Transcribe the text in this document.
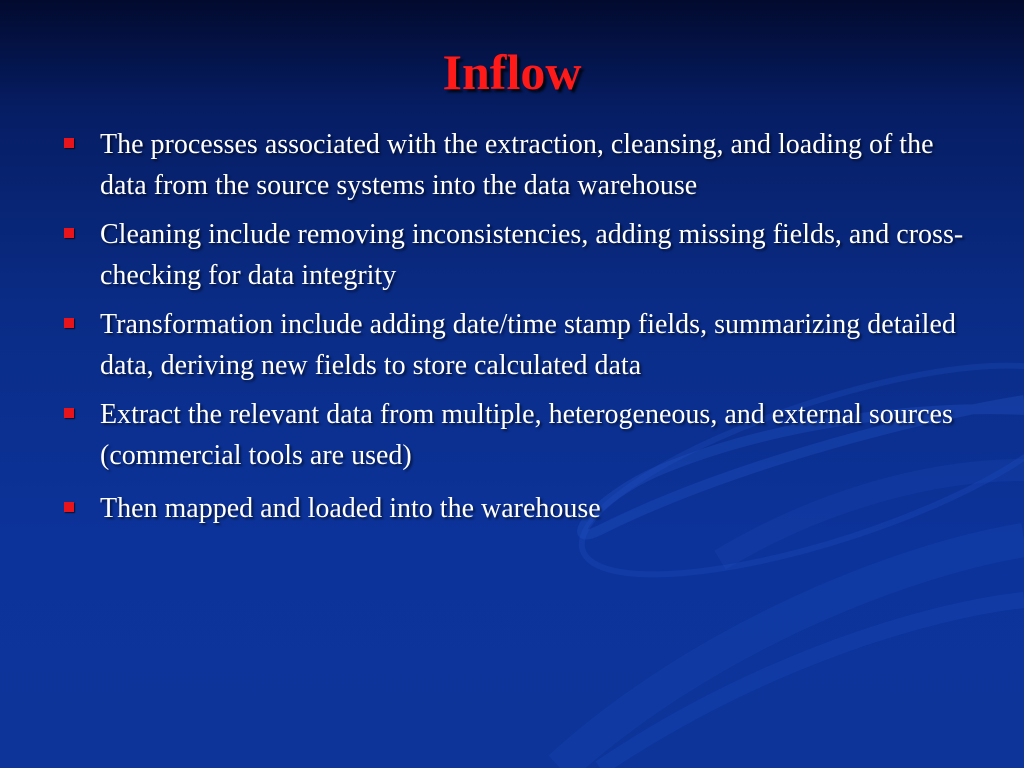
Inflow
The processes associated with the extraction, cleansing, and loading of the data from the source systems into the data warehouse
Cleaning include removing inconsistencies, adding missing fields, and cross-checking for data integrity
Transformation include adding date/time stamp fields, summarizing detailed data, deriving new fields to store calculated data
Extract the relevant data from multiple, heterogeneous, and external sources (commercial tools are used)
Then mapped and loaded into the warehouse
